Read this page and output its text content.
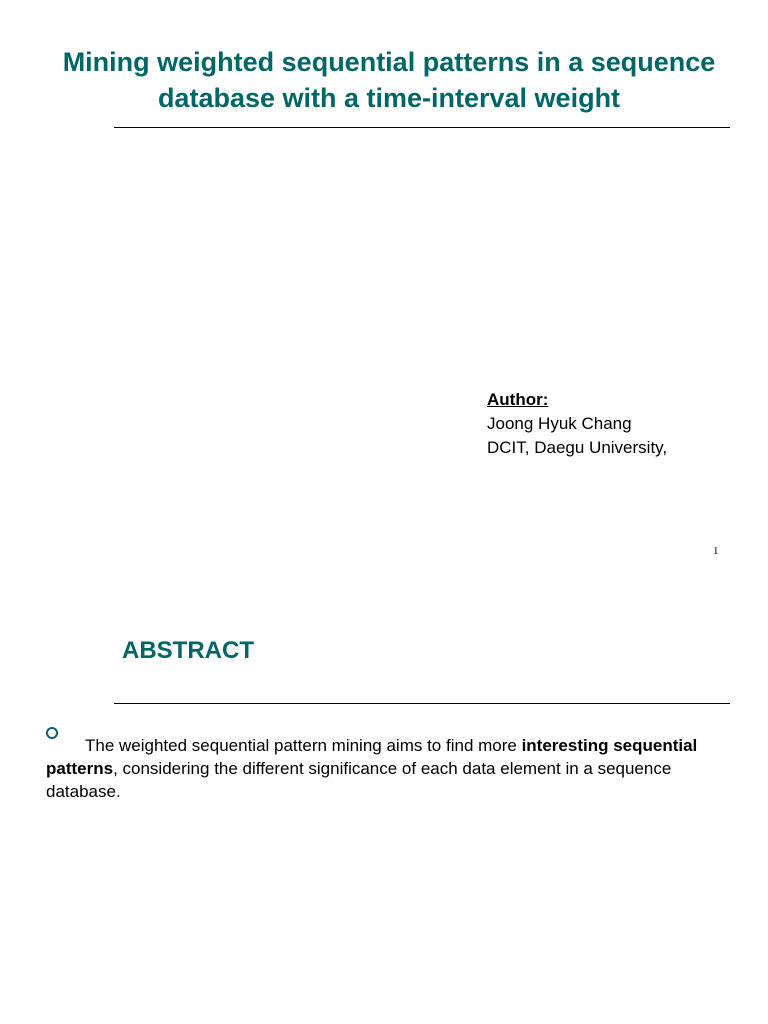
Mining weighted sequential patterns in a sequence database with a time-interval weight
Author:
Joong Hyuk Chang
DCIT, Daegu University,
1
ABSTRACT

The weighted sequential pattern mining aims to find more interesting sequential patterns, considering the different significance of each data element in a sequence database.
